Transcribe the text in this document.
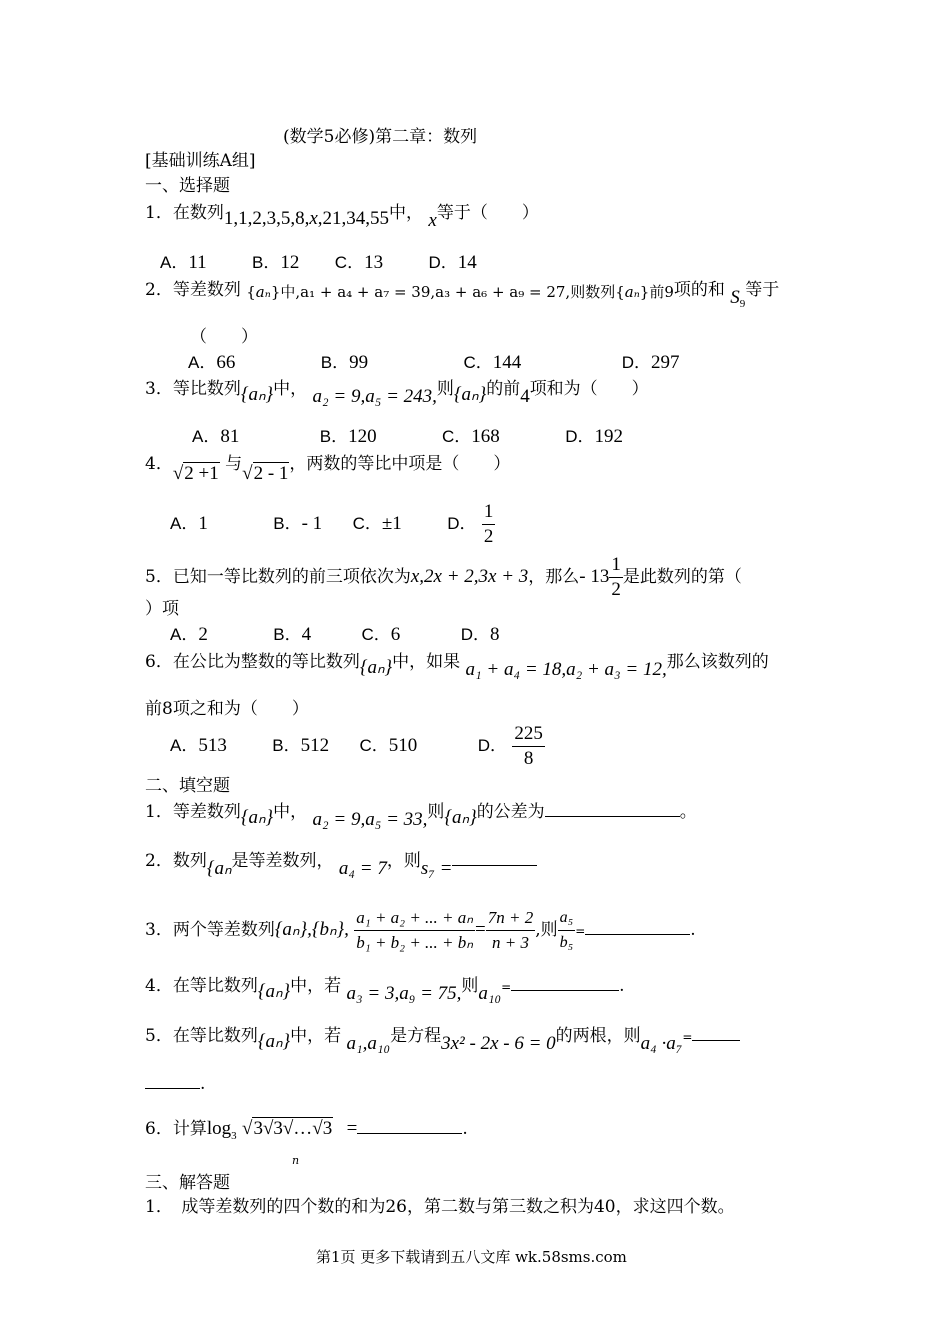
(数学5必修)第二章：数列
[基础训练A组]
一、选择题
1．在数列1,1,2,3,5,8,x,21,34,55中， x等于（　　）
A．11	B．12 C．13	D．14
2．等差数列 {aₙ}中,a₁ + a₄ + a₇ = 39,a₃ + a₆ + a₉ = 27,则数列{aₙ}前9项的和 $S_9$等于
（　　）
A．66	B．99	C．144	D．297
3．等比数列{aₙ}中， a₂ = 9,a₅ = 243,则{aₙ}的前4项和为（　　）
A．81	B．120	C．168	D．192
4．√2 +1 与√2 - 1，两数的等比中项是（　　）
A．1	B．- 1 C．±1	D． $\frac{1}{2}$
5．已知一等比数列的前三项依次为x,2x + 2,3x + 3，那么- $13 \frac{1}{2}$ 是此数列的第（
）项
A．2	B．4	C．6	D．8
6．在公比为整数的等比数列{aₙ}中，如果 a₁ + a₄ = 18,a₂ + a₃ = 12,那么该数列的
前8项之和为（　　）
A．513	B．512 C．510	D． $\frac{225}{8}$
二、填空题
1．等差数列{aₙ}中， a₂ = 9,a₅ = 33,则{aₙ}的公差为	。
2．数列{aₙ是等差数列， a₄ = 7，则s₇ =
3．两个等差数列{aₙ},{bₙ}, $\frac{\text{a₁ + a₂ + ... + aₙ}}{\text{b₁ + b₂ + ... + bₙ}} = \frac{7n + 2}{n + 3}$ ,则 $\frac{\text{a₅}}{\text{b₅}}$ =	.
4．在等比数列{aₙ}中，若 a₃ = 3,a₉ = 75,则a₁₀=	.
5．在等比数列{aₙ}中，若 a₁,a₁₀是方程3x² - 2x - 6 = 0的两根，则a₄ ·a₇=
.
6．计算$\log_3$ √3√3√…√3 =	.
n
三、解答题
1．　成等差数列的四个数的和为26，第二数与第三数之积为40，求这四个数。
第1页 更多下载请到五八文库 wk.58sms.com
